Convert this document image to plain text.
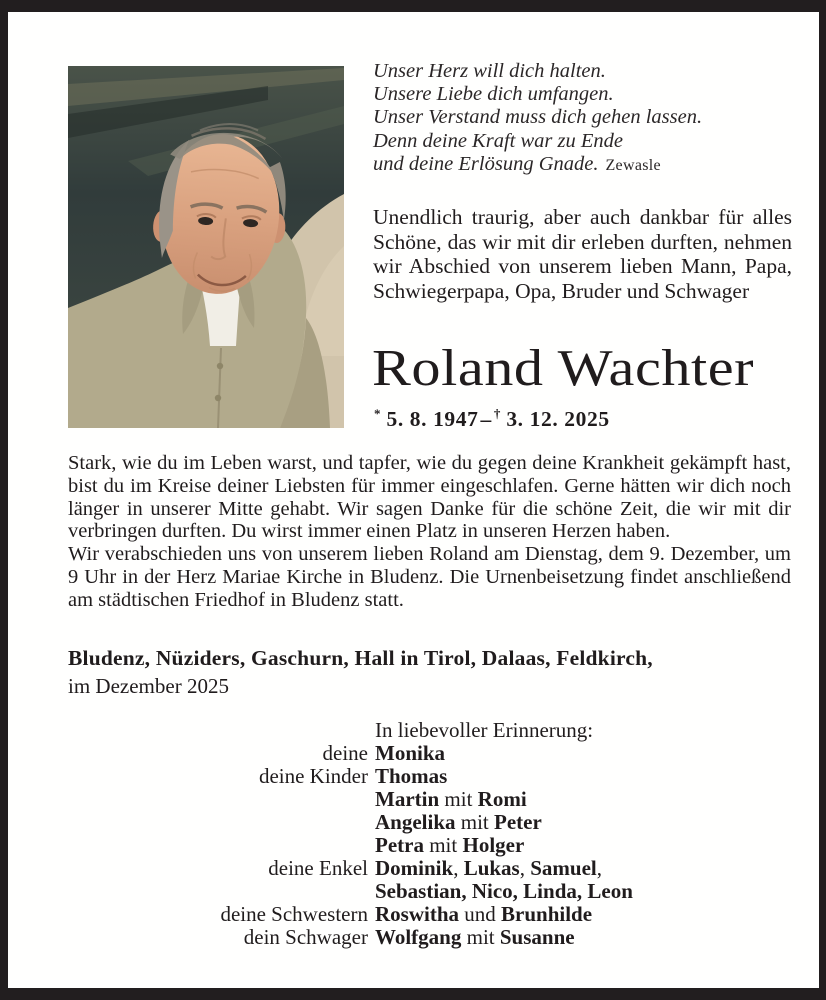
Unser Herz will dich halten.
Unsere Liebe dich umfangen.
Unser Verstand muss dich gehen lassen.
Denn deine Kraft war zu Ende
und deine Erlösung Gnade. Zewasle
Unendlich traurig, aber auch dankbar für alles Schöne, das wir mit dir erleben durften, nehmen wir Abschied von unserem lieben Mann, Papa, Schwiegerpapa, Opa, Bruder und Schwager
Roland Wachter
* 5. 8. 1947– † 3. 12. 2025

Stark, wie du im Leben warst, und tapfer, wie du gegen deine Krankheit gekämpft hast, bist du im Kreise deiner Liebsten für immer eingeschlafen. Gerne hätten wir dich noch länger in unserer Mitte gehabt. Wir sagen Danke für die schöne Zeit, die wir mit dir verbringen durften. Du wirst immer einen Platz in unseren Herzen haben.

Wir verabschieden uns von unserem lieben Roland am Dienstag, dem 9. Dezember, um 9 Uhr in der Herz Mariae Kirche in Bludenz. Die Urnenbeisetzung findet anschließend am städtischen Friedhof in Bludenz statt.

Bludenz, Nüziders, Gaschurn, Hall in Tirol, Dalaas, Feldkirch,
im Dezember 2025
In liebevoller Erinnerung:
deine Monika
deine Kinder Thomas
Martin mit Romi
Angelika mit Peter
Petra mit Holger
deine Enkel Dominik, Lukas, Samuel,
Sebastian, Nico, Linda, Leon
deine Schwestern Roswitha und Brunhilde
dein Schwager Wolfgang mit Susanne
